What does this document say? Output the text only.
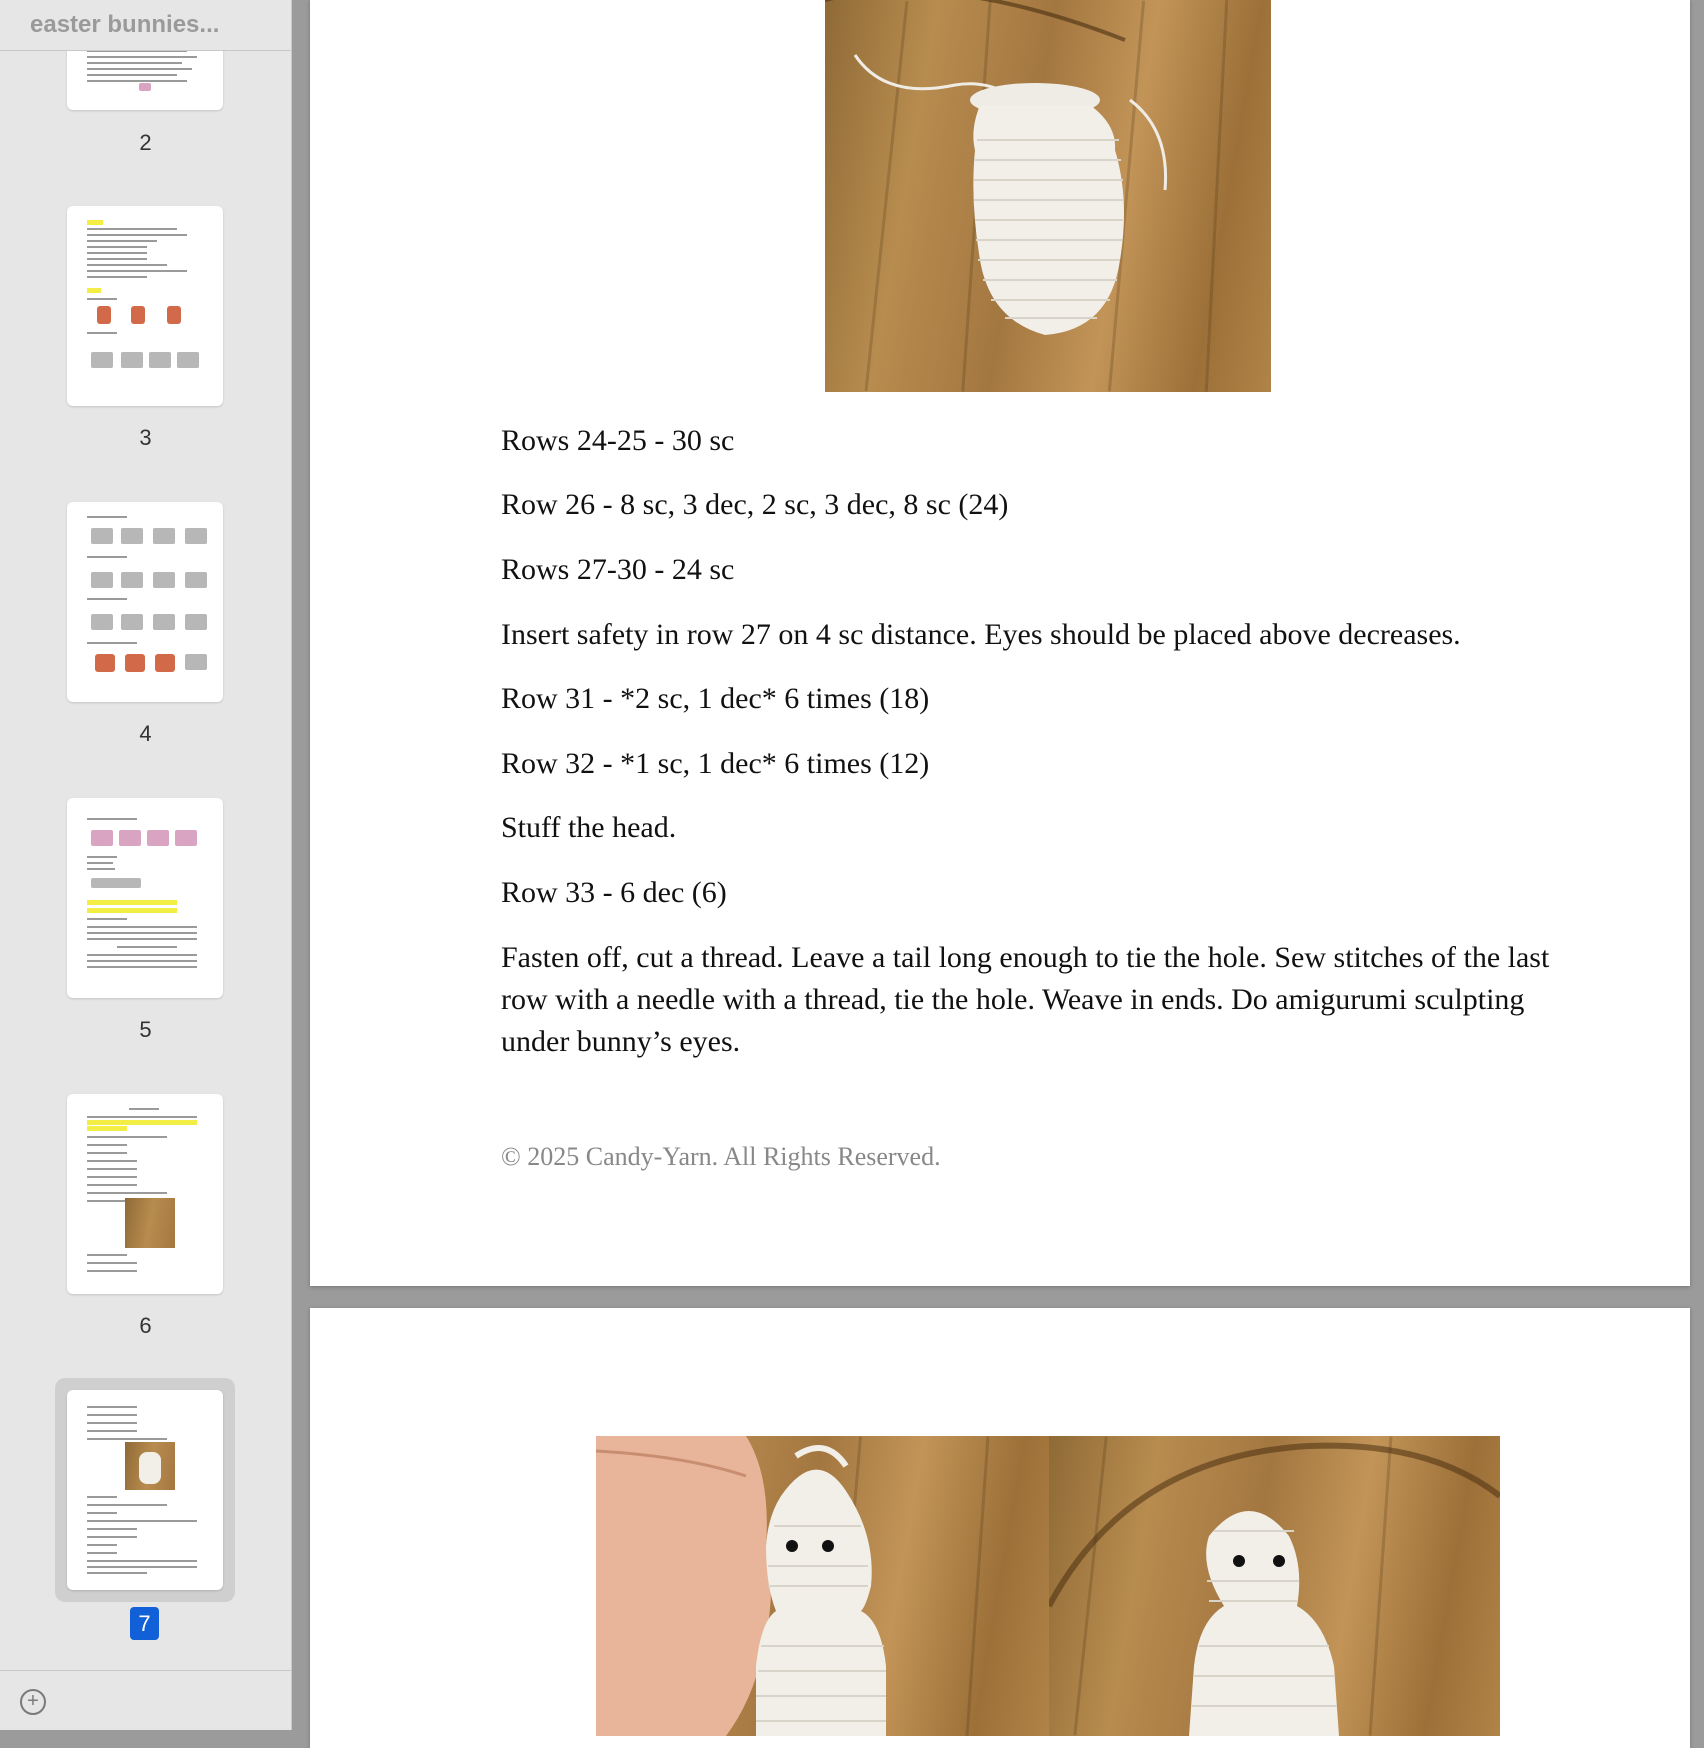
2
3
4
5
6
7
easter bunnies...
+
Rows 24-25 - 30 sc
Row 26 - 8 sc, 3 dec, 2 sc, 3 dec, 8 sc (24)
Rows 27-30 - 24 sc
Insert safety in row 27 on 4 sc distance. Eyes should be placed above decreases.
Row 31 - *2 sc, 1 dec* 6 times (18)
Row 32 - *1 sc, 1 dec* 6 times (12)
Stuff the head.
Row 33 - 6 dec (6)
Fasten off, cut a thread. Leave a tail long enough to tie the hole. Sew stitches of the last row with a needle with a thread, tie the hole. Weave in ends. Do amigurumi sculpting under bunny’s eyes.
© 2025 Candy-Yarn. All Rights Reserved.
